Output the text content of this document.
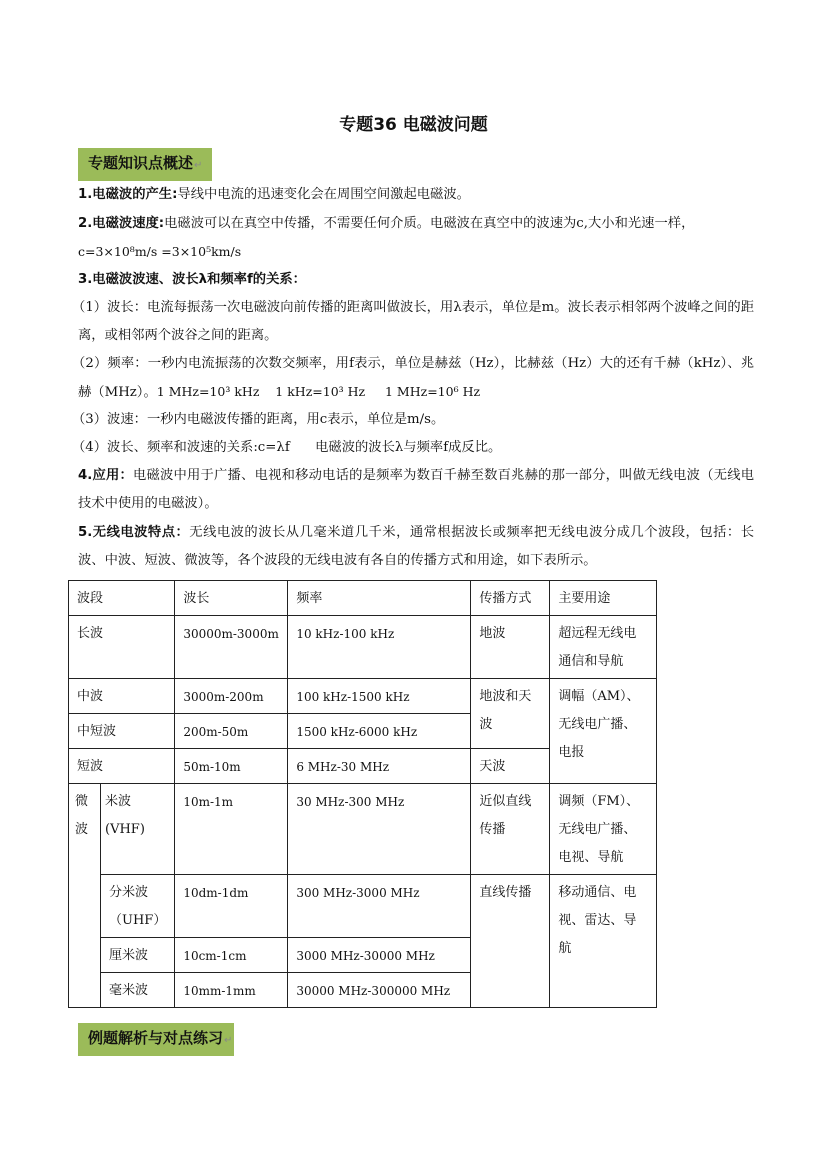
专题36 电磁波问题
专题知识点概述↵
1.电磁波的产生:导线中电流的迅速变化会在周围空间激起电磁波。
2.电磁波速度:电磁波可以在真空中传播，不需要任何介质。电磁波在真空中的波速为c,大小和光速一样，
c=3×10⁸m/s =3×10⁵km/s
3.电磁波波速、波长λ和频率f的关系：
（1）波长：电流每振荡一次电磁波向前传播的距离叫做波长，用λ表示，单位是m。波长表示相邻两个波峰之间的距离，或相邻两个波谷之间的距离。
（2）频率：一秒内电流振荡的次数交频率，用f表示，单位是赫兹（Hz），比赫兹（Hz）大的还有千赫（kHz）、兆赫（MHz）。1 MHz=10³ kHz    1 kHz=10³ Hz     1 MHz=10⁶ Hz
（3）波速：一秒内电磁波传播的距离，用c表示，单位是m/s。
（4）波长、频率和波速的关系:c=λf      电磁波的波长λ与频率f成反比。
4.应用：电磁波中用于广播、电视和移动电话的是频率为数百千赫至数百兆赫的那一部分，叫做无线电波（无线电技术中使用的电磁波）。
5.无线电波特点：无线电波的波长从几毫米道几千米，通常根据波长或频率把无线电波分成几个波段，包括：长波、中波、短波、微波等，各个波段的无线电波有各自的传播方式和用途，如下表所示。
波段		波长	频率	传播方式	主要用途
长波		30000m-3000m	10 kHz-100 kHz	地波	超远程无线电通信和导航
中波		3000m-200m	100 kHz-1500 kHz	地波和天波	调幅（AM）、无线电广播、电报
中短波		200m-50m	1500 kHz-6000 kHz		
短波		50m-10m	6 MHz-30 MHz	天波	
微波	米波(VHF)	10m-1m	30 MHz-300 MHz	近似直线传播	调频（FM）、无线电广播、电视、导航
	分米波（UHF）	10dm-1dm	300 MHz-3000 MHz	直线传播	移动通信、电视、雷达、导航
	厘米波	10cm-1cm	3000 MHz-30000 MHz		
	毫米波	10mm-1mm	30000 MHz-300000 MHz		
例题解析与对点练习↵
